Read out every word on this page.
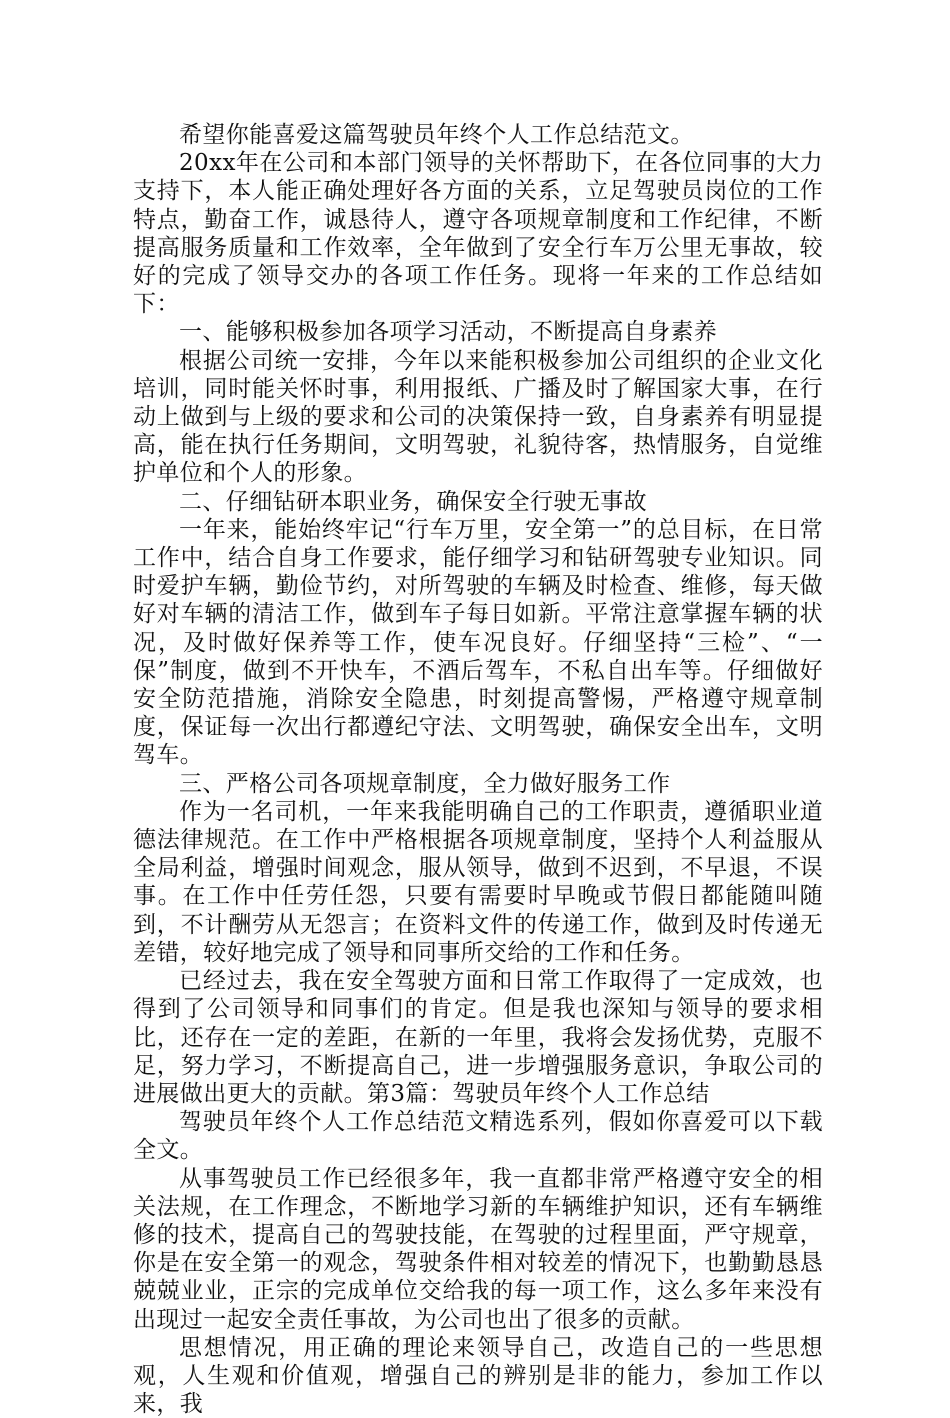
希望你能喜爱这篇驾驶员年终个人工作总结范文。

20xx年在公司和本部门领导的关怀帮助下，在各位同事的大力支持下，本人能正确处理好各方面的关系，立足驾驶员岗位的工作特点，勤奋工作，诚恳待人，遵守各项规章制度和工作纪律，不断提高服务质量和工作效率，全年做到了安全行车万公里无事故，较好的完成了领导交办的各项工作任务。现将一年来的工作总结如下：

一、能够积极参加各项学习活动，不断提高自身素养

根据公司统一安排，今年以来能积极参加公司组织的企业文化培训，同时能关怀时事，利用报纸、广播及时了解国家大事，在行动上做到与上级的要求和公司的决策保持一致，自身素养有明显提高，能在执行任务期间，文明驾驶，礼貌待客，热情服务，自觉维护单位和个人的形象。

二、仔细钻研本职业务，确保安全行驶无事故

一年来，能始终牢记“行车万里，安全第一”的总目标，在日常工作中，结合自身工作要求，能仔细学习和钻研驾驶专业知识。同时爱护车辆，勤俭节约，对所驾驶的车辆及时检查、维修，每天做好对车辆的清洁工作，做到车子每日如新。平常注意掌握车辆的状况，及时做好保养等工作，使车况良好。仔细坚持“三检”、“一保”制度，做到不开快车，不酒后驾车，不私自出车等。仔细做好安全防范措施，消除安全隐患，时刻提高警惕，严格遵守规章制度，保证每一次出行都遵纪守法、文明驾驶，确保安全出车，文明驾车。

三、严格公司各项规章制度，全力做好服务工作

作为一名司机，一年来我能明确自己的工作职责，遵循职业道德法律规范。在工作中严格根据各项规章制度，坚持个人利益服从全局利益，增强时间观念，服从领导，做到不迟到，不早退，不误事。在工作中任劳任怨，只要有需要时早晚或节假日都能随叫随到，不计酬劳从无怨言；在资料文件的传递工作，做到及时传递无差错，较好地完成了领导和同事所交给的工作和任务。

已经过去，我在安全驾驶方面和日常工作取得了一定成效，也得到了公司领导和同事们的肯定。但是我也深知与领导的要求相比，还存在一定的差距，在新的一年里，我将会发扬优势，克服不足，努力学习，不断提高自己，进一步增强服务意识，争取公司的进展做出更大的贡献。第3篇：驾驶员年终个人工作总结

驾驶员年终个人工作总结范文精选系列，假如你喜爱可以下载全文。

从事驾驶员工作已经很多年，我一直都非常严格遵守安全的相关法规，在工作理念，不断地学习新的车辆维护知识，还有车辆维修的技术，提高自己的驾驶技能，在驾驶的过程里面，严守规章，你是在安全第一的观念，驾驶条件相对较差的情况下，也勤勤恳恳兢兢业业，正宗的完成单位交给我的每一项工作，这么多年来没有出现过一起安全责任事故，为公司也出了很多的贡献。

思想情况，用正确的理论来领导自己，改造自己的一些思想观，人生观和价值观，增强自己的辨别是非的能力，参加工作以来，我
